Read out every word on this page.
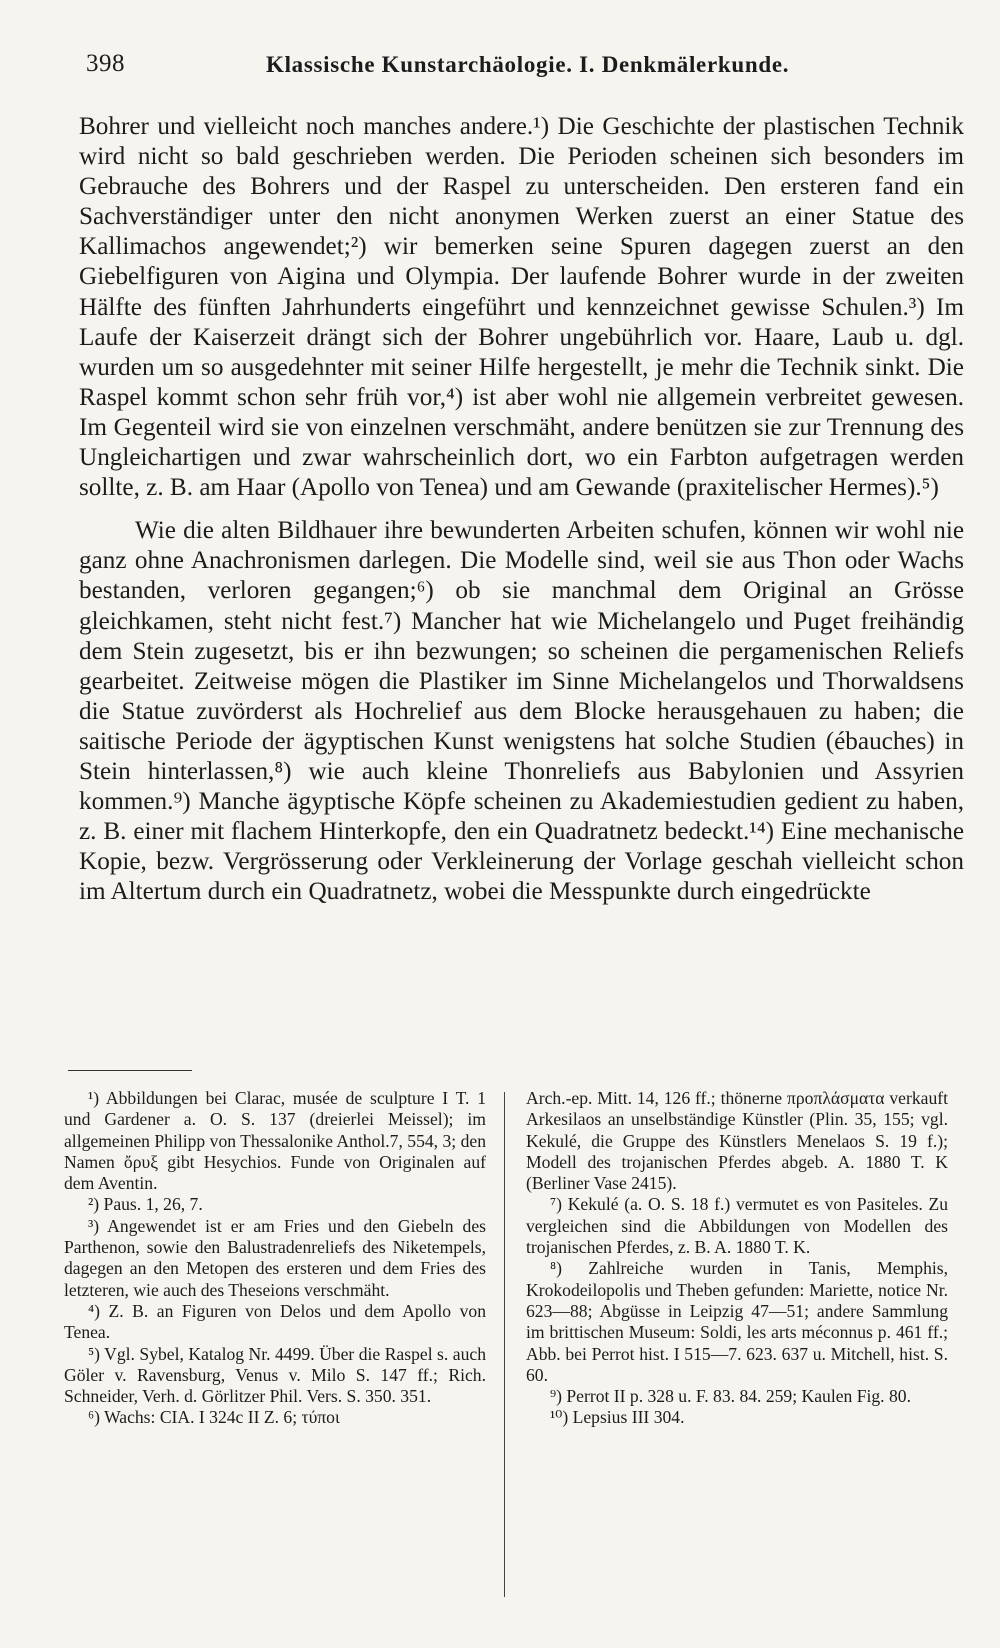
398	Klassische Kunstarchäologie. I. Denkmälerkunde.

Bohrer und vielleicht noch manches andere.¹) Die Geschichte der plastischen Technik wird nicht so bald geschrieben werden. Die Perioden scheinen sich besonders im Gebrauche des Bohrers und der Raspel zu unterscheiden. Den ersteren fand ein Sachverständiger unter den nicht anonymen Werken zuerst an einer Statue des Kallimachos angewendet;²) wir bemerken seine Spuren dagegen zuerst an den Giebelfiguren von Aigina und Olympia. Der laufende Bohrer wurde in der zweiten Hälfte des fünften Jahrhunderts eingeführt und kennzeichnet gewisse Schulen.³) Im Laufe der Kaiserzeit drängt sich der Bohrer ungebührlich vor. Haare, Laub u. dgl. wurden um so ausgedehnter mit seiner Hilfe hergestellt, je mehr die Technik sinkt. Die Raspel kommt schon sehr früh vor,⁴) ist aber wohl nie allgemein verbreitet gewesen. Im Gegenteil wird sie von einzelnen verschmäht, andere benützen sie zur Trennung des Ungleichartigen und zwar wahrscheinlich dort, wo ein Farbton aufgetragen werden sollte, z. B. am Haar (Apollo von Tenea) und am Gewande (praxitelischer Hermes).⁵)

Wie die alten Bildhauer ihre bewunderten Arbeiten schufen, können wir wohl nie ganz ohne Anachronismen darlegen. Die Modelle sind, weil sie aus Thon oder Wachs bestanden, verloren gegangen;⁶) ob sie manchmal dem Original an Grösse gleichkamen, steht nicht fest.⁷) Mancher hat wie Michelangelo und Puget freihändig dem Stein zugesetzt, bis er ihn bezwungen; so scheinen die pergamenischen Reliefs gearbeitet. Zeitweise mögen die Plastiker im Sinne Michelangelos und Thorwaldsens die Statue zuvörderst als Hochrelief aus dem Blocke herausgehauen zu haben; die saitische Periode der ägyptischen Kunst wenigstens hat solche Studien (ébauches) in Stein hinterlassen,⁸) wie auch kleine Thonreliefs aus Babylonien und Assyrien kommen.⁹) Manche ägyptische Köpfe scheinen zu Akademiestudien gedient zu haben, z. B. einer mit flachem Hinterkopfe, den ein Quadratnetz bedeckt.¹⁴) Eine mechanische Kopie, bezw. Vergrösserung oder Verkleinerung der Vorlage geschah vielleicht schon im Altertum durch ein Quadratnetz, wobei die Messpunkte durch eingedrückte

¹) Abbildungen bei Clarac, musée de sculpture I T. 1 und Gardener a. O. S. 137 (dreierlei Meissel); im allgemeinen Philipp von Thessalonike Anthol.7, 554, 3; den Namen ὄρυξ gibt Hesychios. Funde von Originalen auf dem Aventin.

²) Paus. 1, 26, 7.

³) Angewendet ist er am Fries und den Giebeln des Parthenon, sowie den Balustradenreliefs des Niketempels, dagegen an den Metopen des ersteren und dem Fries des letzteren, wie auch des Theseions verschmäht.

⁴) Z. B. an Figuren von Delos und dem Apollo von Tenea.

⁵) Vgl. Sybel, Katalog Nr. 4499. Über die Raspel s. auch Göler v. Ravensburg, Venus v. Milo S. 147 ff.; Rich. Schneider, Verh. d. Görlitzer Phil. Vers. S. 350. 351.

⁶) Wachs: CIA. I 324c II Z. 6; τύποι

Arch.-ep. Mitt. 14, 126 ff.; thönerne προπλάσματα verkauft Arkesilaos an unselbständige Künstler (Plin. 35, 155; vgl. Kekulé, die Gruppe des Künstlers Menelaos S. 19 f.); Modell des trojanischen Pferdes abgeb. A. 1880 T. K (Berliner Vase 2415).

⁷) Kekulé (a. O. S. 18 f.) vermutet es von Pasiteles. Zu vergleichen sind die Abbildungen von Modellen des trojanischen Pferdes, z. B. A. 1880 T. K.

⁸) Zahlreiche wurden in Tanis, Memphis, Krokodeilopolis und Theben gefunden: Mariette, notice Nr. 623—88; Abgüsse in Leipzig 47—51; andere Sammlung im brittischen Museum: Soldi, les arts méconnus p. 461 ff.; Abb. bei Perrot hist. I 515—7. 623. 637 u. Mitchell, hist. S. 60.

⁹) Perrot II p. 328 u. F. 83. 84. 259; Kaulen Fig. 80.

¹⁰) Lepsius III 304.
